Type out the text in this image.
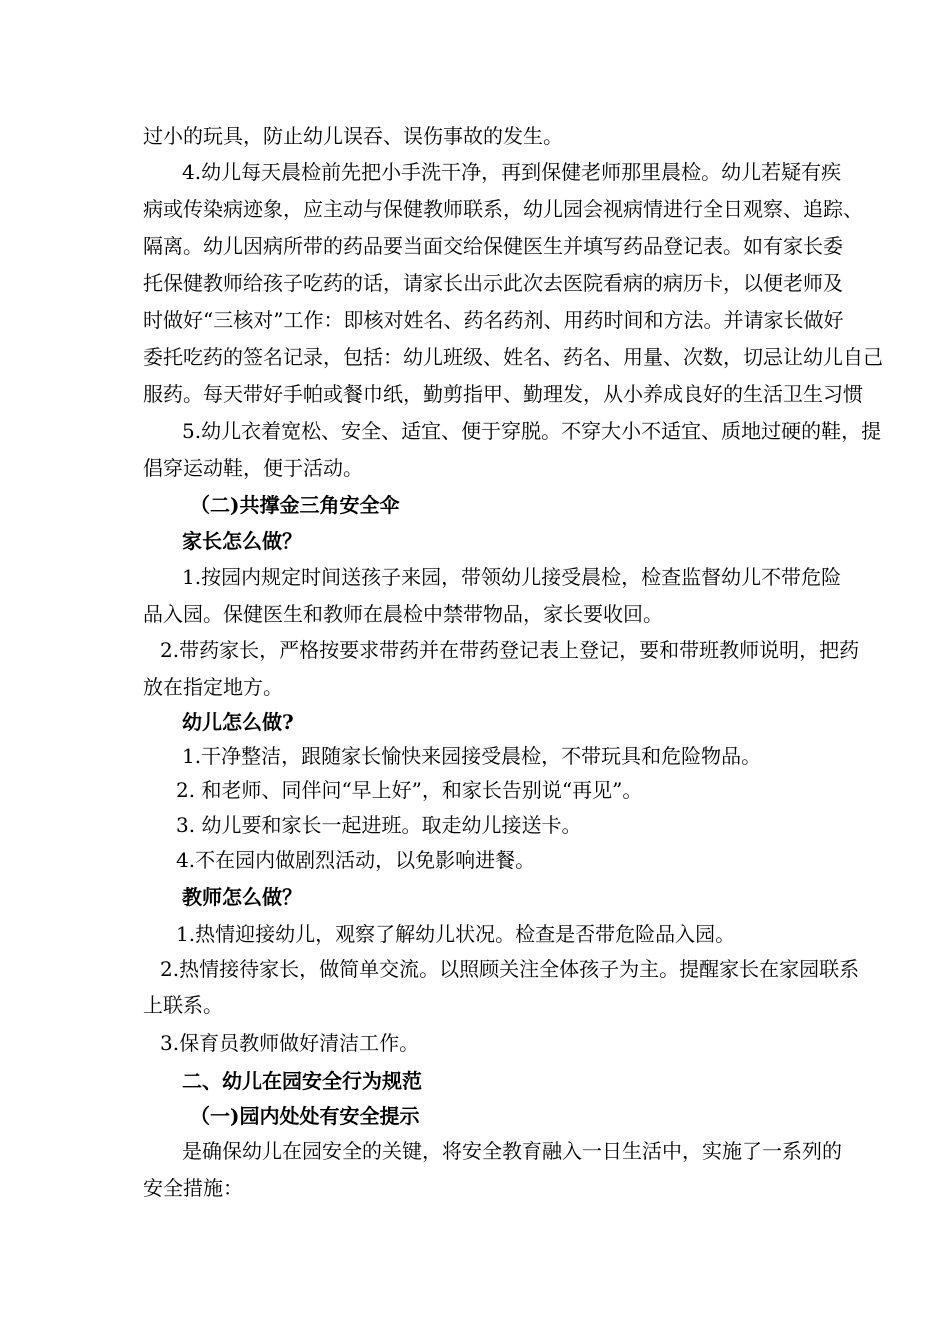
过小的玩具，防止幼儿误吞、误伤事故的发生。
4.幼儿每天晨检前先把小手洗干净，再到保健老师那里晨检。幼儿若疑有疾
病或传染病迹象，应主动与保健教师联系，幼儿园会视病情进行全日观察、追踪、
隔离。幼儿因病所带的药品要当面交给保健医生并填写药品登记表。如有家长委
托保健教师给孩子吃药的话，请家长出示此次去医院看病的病历卡，以便老师及
时做好“三核对”工作：即核对姓名、药名药剂、用药时间和方法。并请家长做好
委托吃药的签名记录，包括：幼儿班级、姓名、药名、用量、次数，切忌让幼儿自己
服药。每天带好手帕或餐巾纸，勤剪指甲、勤理发，从小养成良好的生活卫生习惯
5.幼儿衣着宽松、安全、适宜、便于穿脱。不穿大小不适宜、质地过硬的鞋，提
倡穿运动鞋，便于活动。
（二)共撑金三角安全伞
家长怎么做？
1.按园内规定时间送孩子来园，带领幼儿接受晨检，检查监督幼儿不带危险
品入园。保健医生和教师在晨检中禁带物品，家长要收回。
2.带药家长，严格按要求带药并在带药登记表上登记，要和带班教师说明，把药
放在指定地方。
幼儿怎么做?
1.干净整洁，跟随家长愉快来园接受晨检，不带玩具和危险物品。
2. 和老师、同伴问“早上好”，和家长告别说“再见”。
3. 幼儿要和家长一起进班。取走幼儿接送卡。
4.不在园内做剧烈活动，以免影响进餐。
教师怎么做？
1.热情迎接幼儿，观察了解幼儿状况。检查是否带危险品入园。
2.热情接待家长，做简单交流。以照顾关注全体孩子为主。提醒家长在家园联系
上联系。
3.保育员教师做好清洁工作。
二、幼儿在园安全行为规范
（一)园内处处有安全提示
是确保幼儿在园安全的关键，将安全教育融入一日生活中，实施了一系列的
安全措施：
